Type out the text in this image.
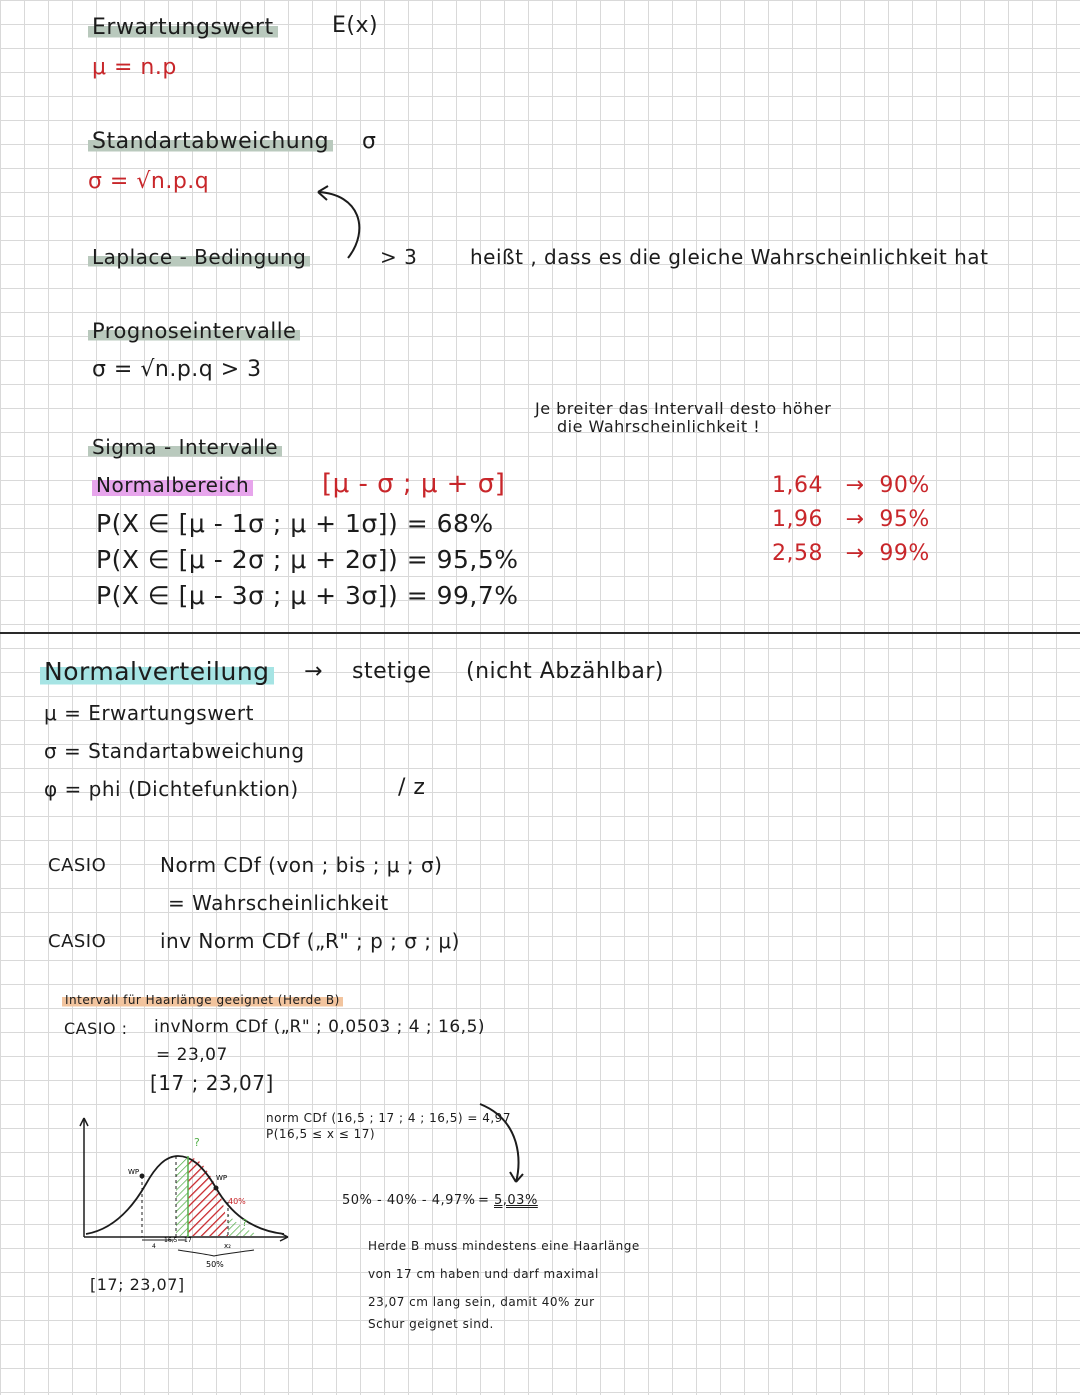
Erwartungswert	E(x)
μ = n.p
Standartabweichung σ
σ = √n.p.q
Laplace - Bedingung	> 3	heißt , dass es die gleiche Wahrscheinlichkeit hat
Prognoseintervalle
σ = √n.p.q > 3
Je breiter das Intervall desto höher
die Wahrscheinlichkeit !
Sigma - Intervalle
Normalbereich	[μ - σ ; μ + σ]
P(X ∈ [μ - 1σ ; μ + 1σ]) = 68%
P(X ∈ [μ - 2σ ; μ + 2σ]) = 95,5%
P(X ∈ [μ - 3σ ; μ + 3σ]) = 99,7%
1,64 → 90%
1,96 → 95%
2,58 → 99%
Normalverteilung → stetige (nicht Abzählbar)
μ = Erwartungswert
σ = Standartabweichung
φ = phi (Dichtefunktion)	/ z
CASIO	Norm CDf (von ; bis ; μ ; σ)
= Wahrscheinlichkeit
CASIO	inv Norm CDf („R" ; p ; σ ; μ)
Intervall für Haarlänge geeignet (Herde B)
CASIO : invNorm CDf („R" ; 0,0503 ; 4 ; 16,5)
= 23,07
[17 ; 23,07]
norm CDf (16,5 ; 17 ; 4 ; 16,5) = 4,97
P(16,5 ≤ x ≤ 17)
50% - 40% - 4,97% = 5,03%
WP
WP
40%
?
?
4
16,5 17
x₂
50%
[17; 23,07]
Herde B muss mindestens eine Haarlänge
von 17 cm haben und darf maximal
23,07 cm lang sein, damit 40% zur
Schur geignet sind.
